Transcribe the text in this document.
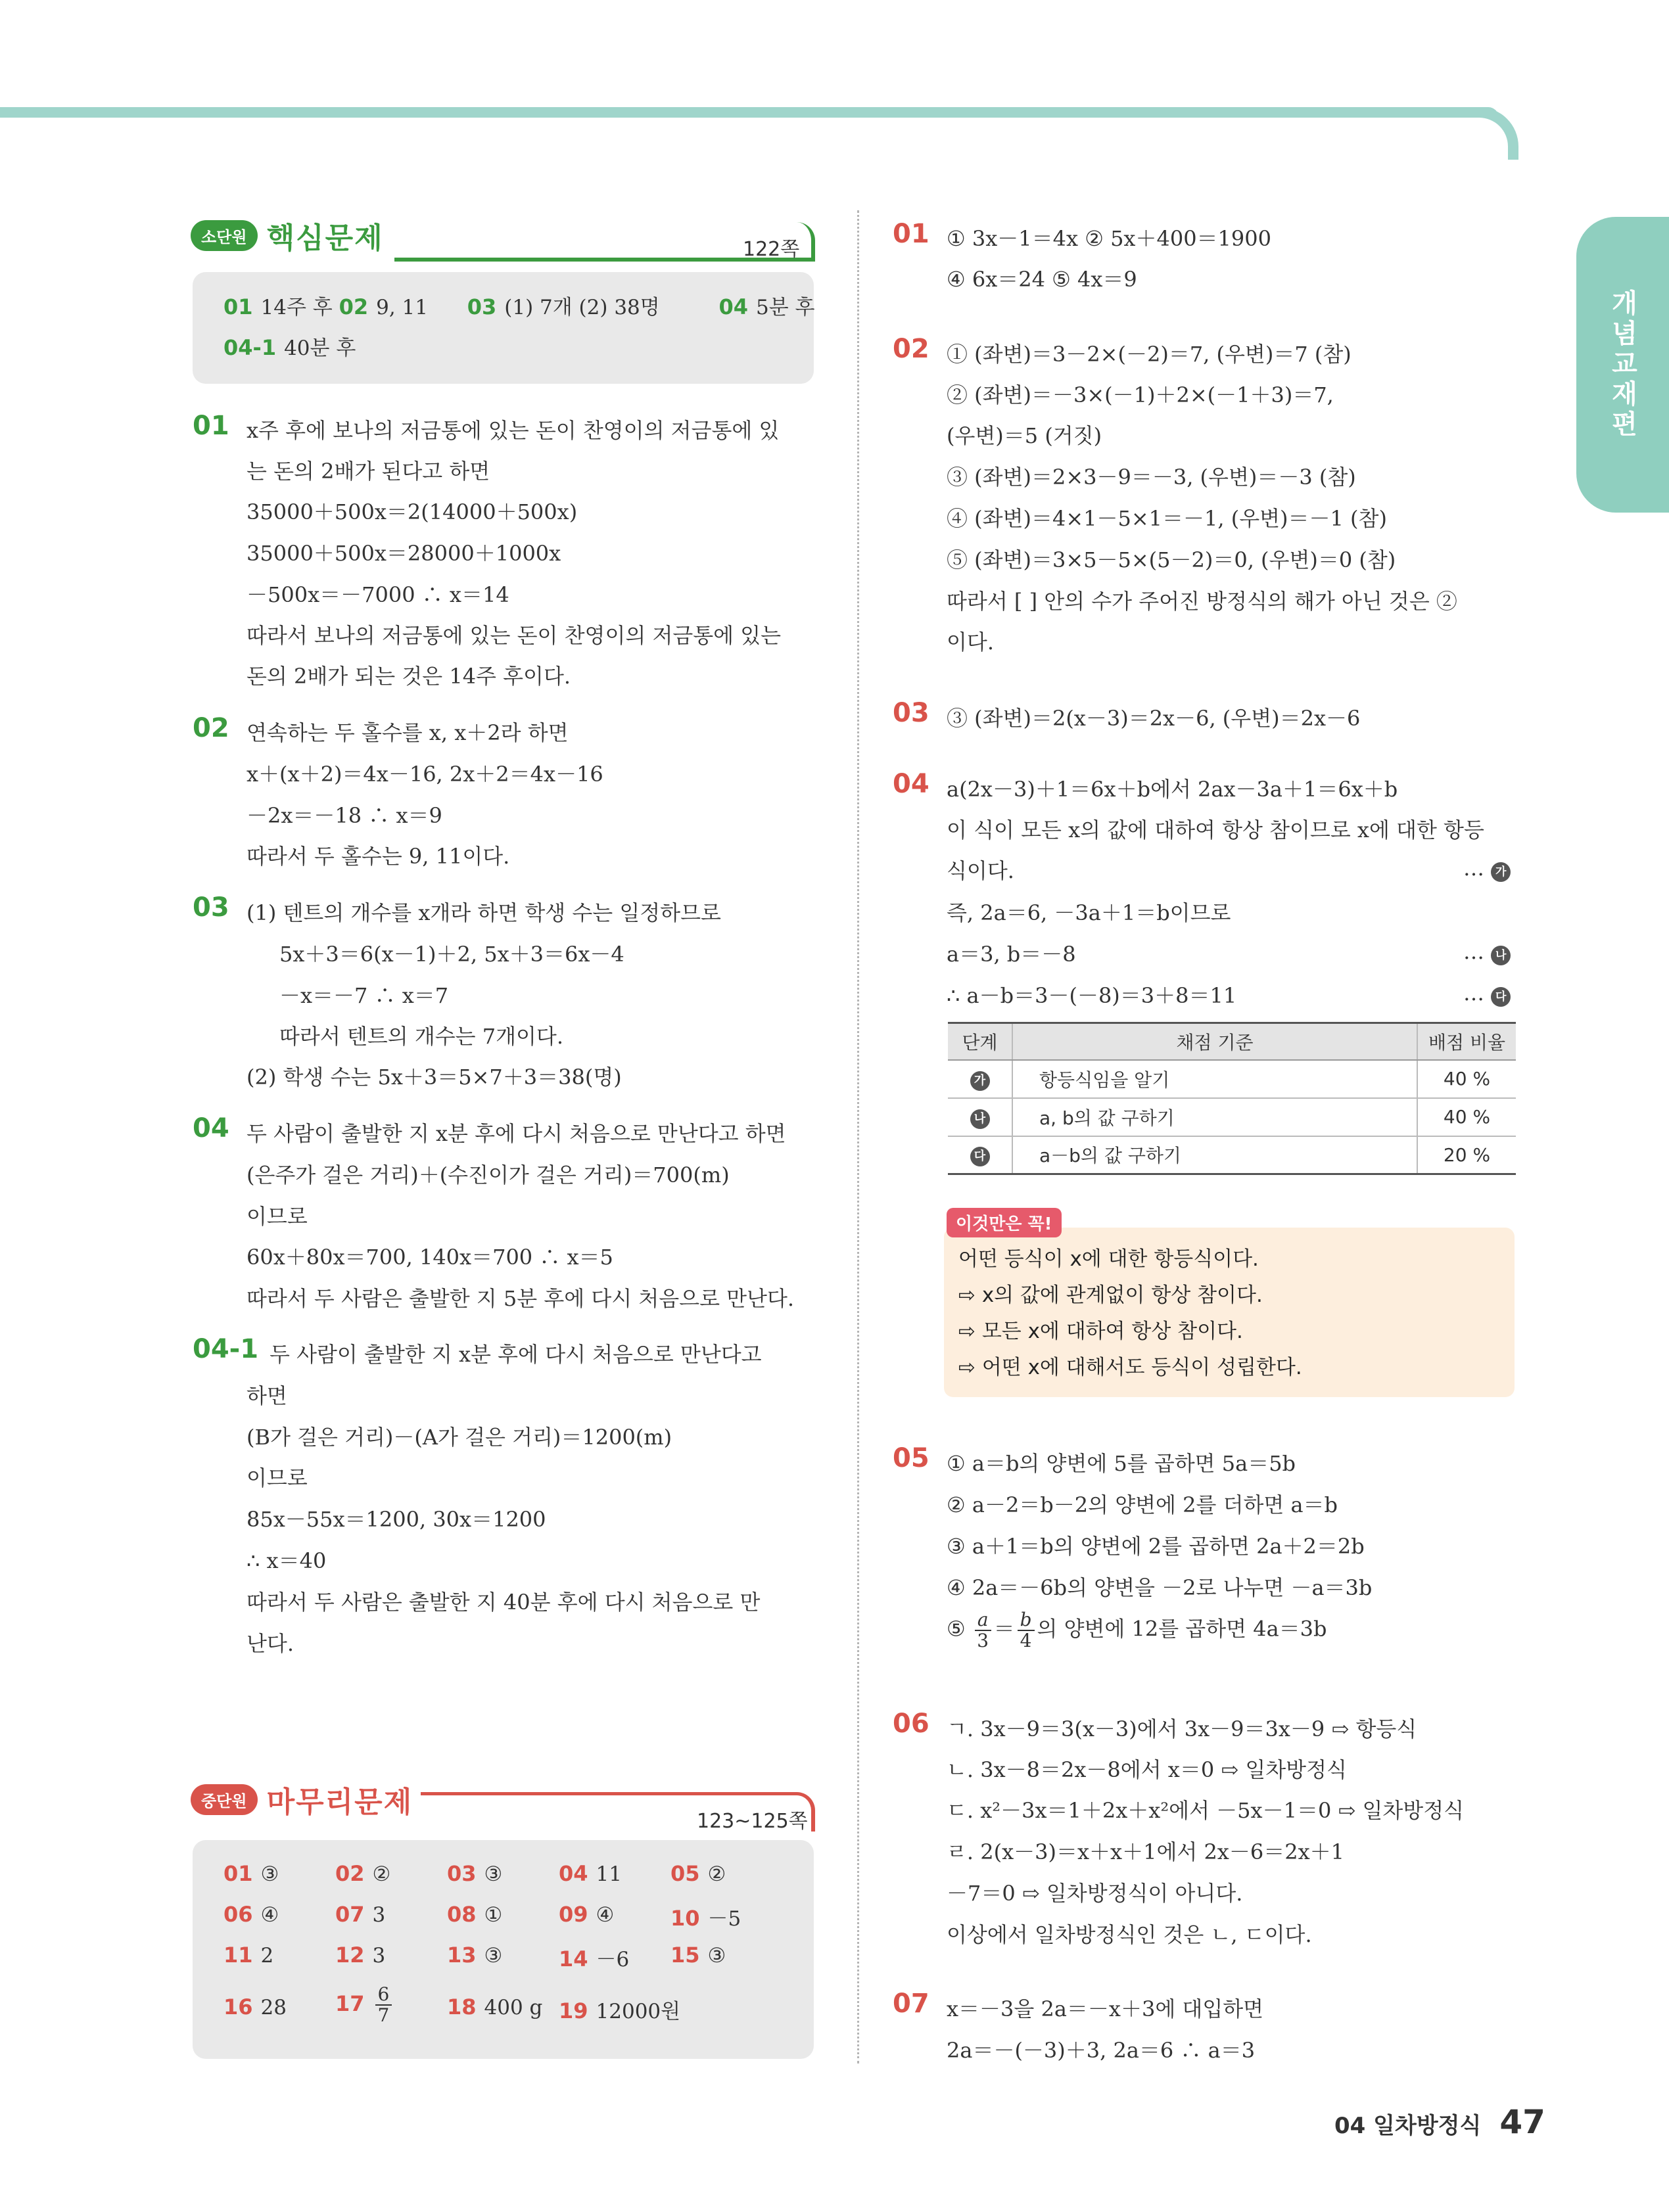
개념교재편
소단원 핵심문제	122쪽
01 14주 후 02 9, 11 03 (1) 7개 (2) 38명	04 5분 후
04-1 40분 후
01 x주 후에 보나의 저금통에 있는 돈이 찬영이의 저금통에 있
는 돈의 2배가 된다고 하면
35000＋500x＝2(14000＋500x)
35000＋500x＝28000＋1000x
－500x＝－7000 ∴ x＝14
따라서 보나의 저금통에 있는 돈이 찬영이의 저금통에 있는
돈의 2배가 되는 것은 14주 후이다.
02 연속하는 두 홀수를 x, x＋2라 하면
x＋(x＋2)＝4x－16, 2x＋2＝4x－16
－2x＝－18 ∴ x＝9
따라서 두 홀수는 9, 11이다.
03 (1) 텐트의 개수를 x개라 하면 학생 수는 일정하므로
5x＋3＝6(x－1)＋2, 5x＋3＝6x－4
－x＝－7 ∴ x＝7
따라서 텐트의 개수는 7개이다.
(2) 학생 수는 5x＋3＝5×7＋3＝38(명)
04 두 사람이 출발한 지 x분 후에 다시 처음으로 만난다고 하면
(은주가 걸은 거리)＋(수진이가 걸은 거리)＝700(m)
이므로
60x＋80x＝700, 140x＝700 ∴ x＝5
따라서 두 사람은 출발한 지 5분 후에 다시 처음으로 만난다.
04-1 두 사람이 출발한 지 x분 후에 다시 처음으로 만난다고
하면
(B가 걸은 거리)－(A가 걸은 거리)＝1200(m)
이므로
85x－55x＝1200, 30x＝1200
∴ x＝40
따라서 두 사람은 출발한 지 40분 후에 다시 처음으로 만
난다.
중단원 마무리문제
123~125쪽
01 ③	02 ②	03 ③	04 11 05 ②
06 ④	07 3	08 ①	09 ④	10 －5
11 2	12 3	13 ③	14 －6 15 ③
16 28 $17 \frac{6}{7}$	18 400 g 19 12000원
01 ① 3x－1＝4x ② 5x＋400＝1900
④ 6x＝24 ⑤ 4x＝9
02 ① (좌변)＝3－2×(－2)＝7, (우변)＝7 (참)
② (좌변)＝－3×(－1)＋2×(－1＋3)＝7,
(우변)＝5 (거짓)
③ (좌변)＝2×3－9＝－3, (우변)＝－3 (참)
④ (좌변)＝4×1－5×1＝－1, (우변)＝－1 (참)
⑤ (좌변)＝3×5－5×(5－2)＝0, (우변)＝0 (참)
따라서 [ ] 안의 수가 주어진 방정식의 해가 아닌 것은 ②
이다.
03 ③ (좌변)＝2(x－3)＝2x－6, (우변)＝2x－6
04 a(2x－3)＋1＝6x＋b에서 2ax－3a＋1＝6x＋b
이 식이 모든 x의 값에 대하여 항상 참이므로 x에 대한 항등
식이다.
즉, 2a＝6, －3a＋1＝b이므로
a＝3, b＝－8
∴ a－b＝3－(－8)＝3＋8＝11
… 가
… 나
… 다
단계	채점 기준	배점 비율
가	항등식임을 알기	40 %
나	a, b의 값 구하기	40 %
다	a－b의 값 구하기	20 %
이것만은 꼭!
어떤 등식이 x에 대한 항등식이다.
⇨ x의 값에 관계없이 항상 참이다.
⇨ 모든 x에 대하여 항상 참이다.
⇨ 어떤 x에 대해서도 등식이 성립한다.
05 ① a＝b의 양변에 5를 곱하면 5a＝5b
② a－2＝b－2의 양변에 2를 더하면 a＝b
③ a＋1＝b의 양변에 2를 곱하면 2a＋2＝2b
④ 2a＝－6b의 양변을 －2로 나누면 －a＝3b
⑤ $\frac{a}{3} = \frac{b}{4}$ 의 양변에 12를 곱하면 4a＝3b
06 ㄱ. 3x－9＝3(x－3)에서 3x－9＝3x－9 ⇨ 항등식
ㄴ. 3x－8＝2x－8에서 x＝0 ⇨ 일차방정식
ㄷ. x²－3x＝1＋2x＋x²에서 －5x－1＝0 ⇨ 일차방정식
ㄹ. 2(x－3)＝x＋x＋1에서 2x－6＝2x＋1
－7＝0 ⇨ 일차방정식이 아니다.
이상에서 일차방정식인 것은 ㄴ, ㄷ이다.
07 x＝－3을 2a＝－x＋3에 대입하면
2a＝－(－3)＋3, 2a＝6 ∴ a＝3
04 일차방정식 47
